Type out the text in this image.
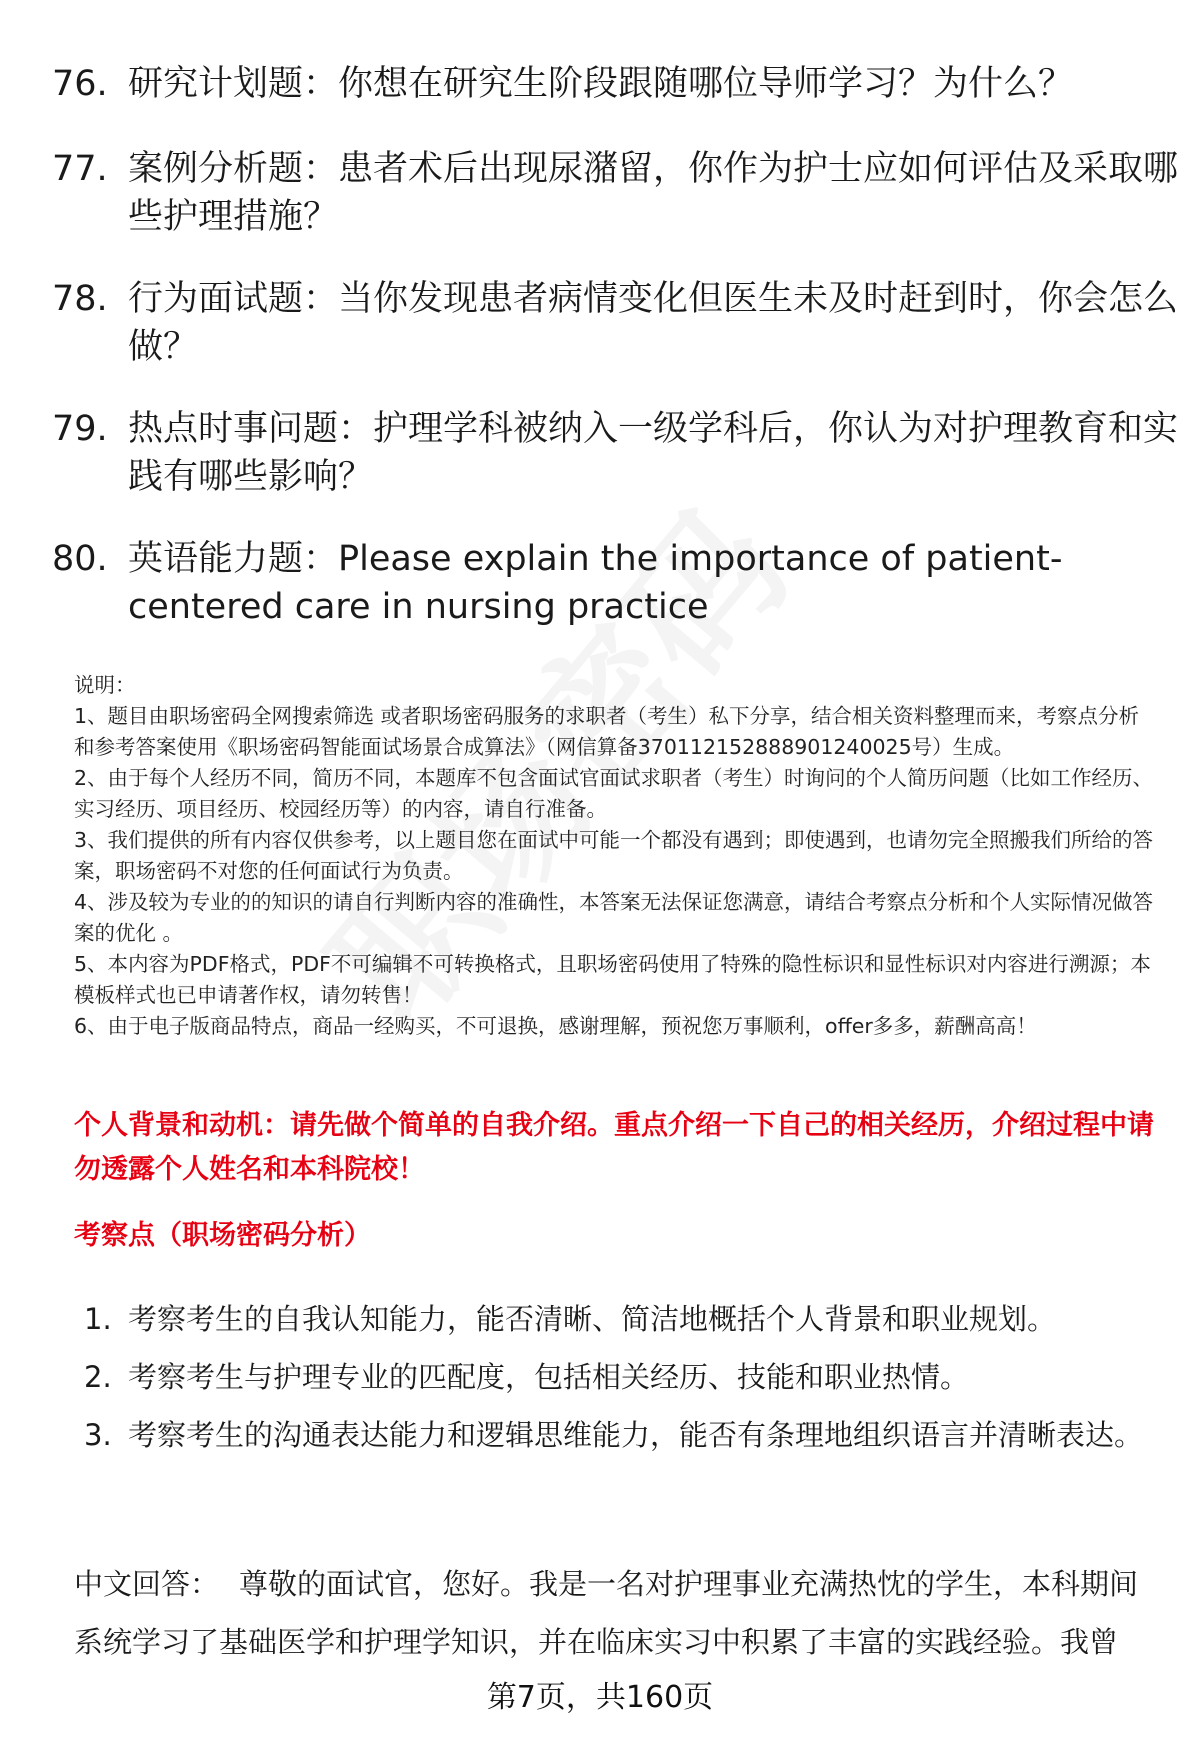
76. 研究计划题：你想在研究生阶段跟随哪位导师学习？为什么？
77. 案例分析题：患者术后出现尿潴留，你作为护士应如何评估及采取哪些护理措施？
78. 行为面试题：当你发现患者病情变化但医生未及时赶到时，你会怎么做？
79. 热点时事问题：护理学科被纳入一级学科后，你认为对护理教育和实践有哪些影响？
80. 英语能力题：Please explain the importance of patient-centered care in nursing practice
说明：
1、题目由职场密码全网搜索筛选 或者职场密码服务的求职者（考生）私下分享，结合相关资料整理而来，考察点分析和参考答案使用《职场密码智能面试场景合成算法》（网信算备370112152888901240025号）生成。
2、由于每个人经历不同，简历不同，本题库不包含面试官面试求职者（考生）时询问的个人简历问题（比如工作经历、实习经历、项目经历、校园经历等）的内容，请自行准备。
3、我们提供的所有内容仅供参考，以上题目您在面试中可能一个都没有遇到；即使遇到，也请勿完全照搬我们所给的答案，职场密码不对您的任何面试行为负责。
4、涉及较为专业的的知识的请自行判断内容的准确性，本答案无法保证您满意，请结合考察点分析和个人实际情况做答案的优化 。
5、本内容为PDF格式，PDF不可编辑不可转换格式，且职场密码使用了特殊的隐性标识和显性标识对内容进行溯源；本模板样式也已申请著作权，请勿转售！
6、由于电子版商品特点，商品一经购买，不可退换，感谢理解，预祝您万事顺利，offer多多，薪酬高高！
个人背景和动机：请先做个简单的自我介绍。重点介绍一下自己的相关经历，介绍过程中请勿透露个人姓名和本科院校！
考察点（职场密码分析）
1. 考察考生的自我认知能力，能否清晰、简洁地概括个人背景和职业规划。
2. 考察考生与护理专业的匹配度，包括相关经历、技能和职业热情。
3. 考察考生的沟通表达能力和逻辑思维能力，能否有条理地组织语言并清晰表达。
中文回答： 尊敬的面试官，您好。我是一名对护理事业充满热忱的学生，本科期间系统学习了基础医学和护理学知识，并在临床实习中积累了丰富的实践经验。我曾
第7页，共160页
